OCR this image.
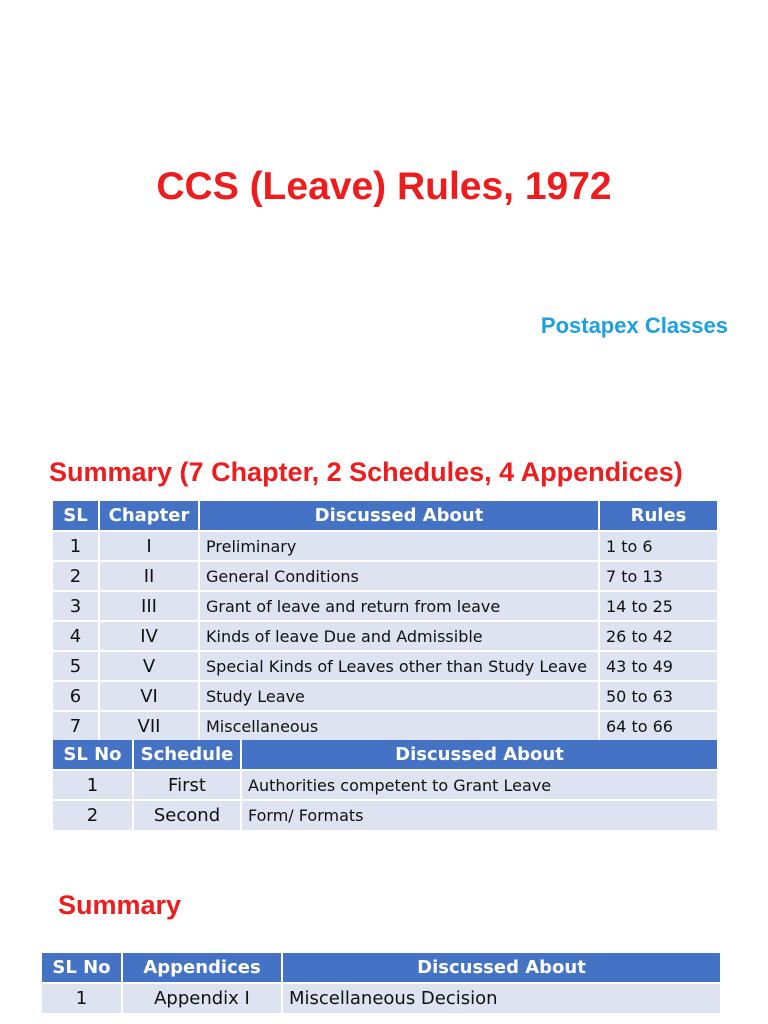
CCS (Leave) Rules, 1972
Postapex Classes
Summary (7 Chapter, 2 Schedules, 4 Appendices)
SL	Chapter	Discussed About	Rules
1	I	Preliminary	1 to 6
2	II	General Conditions	7 to 13
3	III	Grant of leave and return from leave	14 to 25
4	IV	Kinds of leave Due and Admissible	26 to 42
5	V	Special Kinds of Leaves other than Study Leave	43 to 49
6	VI	Study Leave	50 to 63
7	VII	Miscellaneous	64 to 66
SL No	Schedule	Discussed About
1	First	Authorities competent to Grant Leave
2	Second	Form/ Formats
Summary
SL No	Appendices	Discussed About
1	Appendix I	Miscellaneous Decision
